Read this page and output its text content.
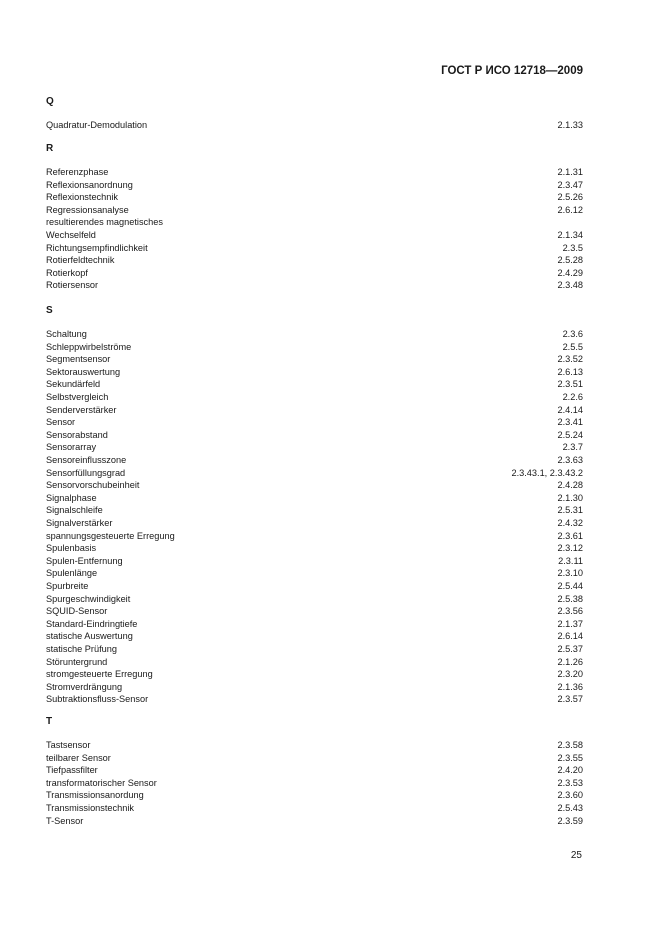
ГОСТ Р ИСО 12718—2009
Q
Quadratur-Demodulation	2.1.33
R
Referenzphase	2.1.31
Reflexionsanordnung	2.3.47
Reflexionstechnik	2.5.26
Regressionsanalyse	2.6.12
resultierendes magnetisches
Wechselfeld	2.1.34
Richtungsempfindlichkeit	2.3.5
Rotierfeldtechnik	2.5.28
Rotierkopf	2.4.29
Rotiersensor	2.3.48
S
Schaltung	2.3.6
Schleppwirbelströme	2.5.5
Segmentsensor	2.3.52
Sektorauswertung	2.6.13
Sekundärfeld	2.3.51
Selbstvergleich	2.2.6
Senderverstärker	2.4.14
Sensor	2.3.41
Sensorabstand	2.5.24
Sensorarray	2.3.7
Sensoreinflusszone	2.3.63
Sensorfüllungsgrad	2.3.43.1, 2.3.43.2
Sensorvorschubeinheit	2.4.28
Signalphase	2.1.30
Signalschleife	2.5.31
Signalverstärker	2.4.32
spannungsgesteuerte Erregung	2.3.61
Spulenbasis	2.3.12
Spulen-Entfernung	2.3.11
Spulenlänge	2.3.10
Spurbreite	2.5.44
Spurgeschwindigkeit	2.5.38
SQUID-Sensor	2.3.56
Standard-Eindringtiefe	2.1.37
statische Auswertung	2.6.14
statische Prüfung	2.5.37
Störuntergrund	2.1.26
stromgesteuerte Erregung	2.3.20
Stromverdrängung	2.1.36
Subtraktionsfluss-Sensor	2.3.57
T
Tastsensor	2.3.58
teilbarer Sensor	2.3.55
Tiefpassfilter	2.4.20
transformatorischer Sensor	2.3.53
Transmissionsanordung	2.3.60
Transmissionstechnik	2.5.43
T-Sensor	2.3.59
25
